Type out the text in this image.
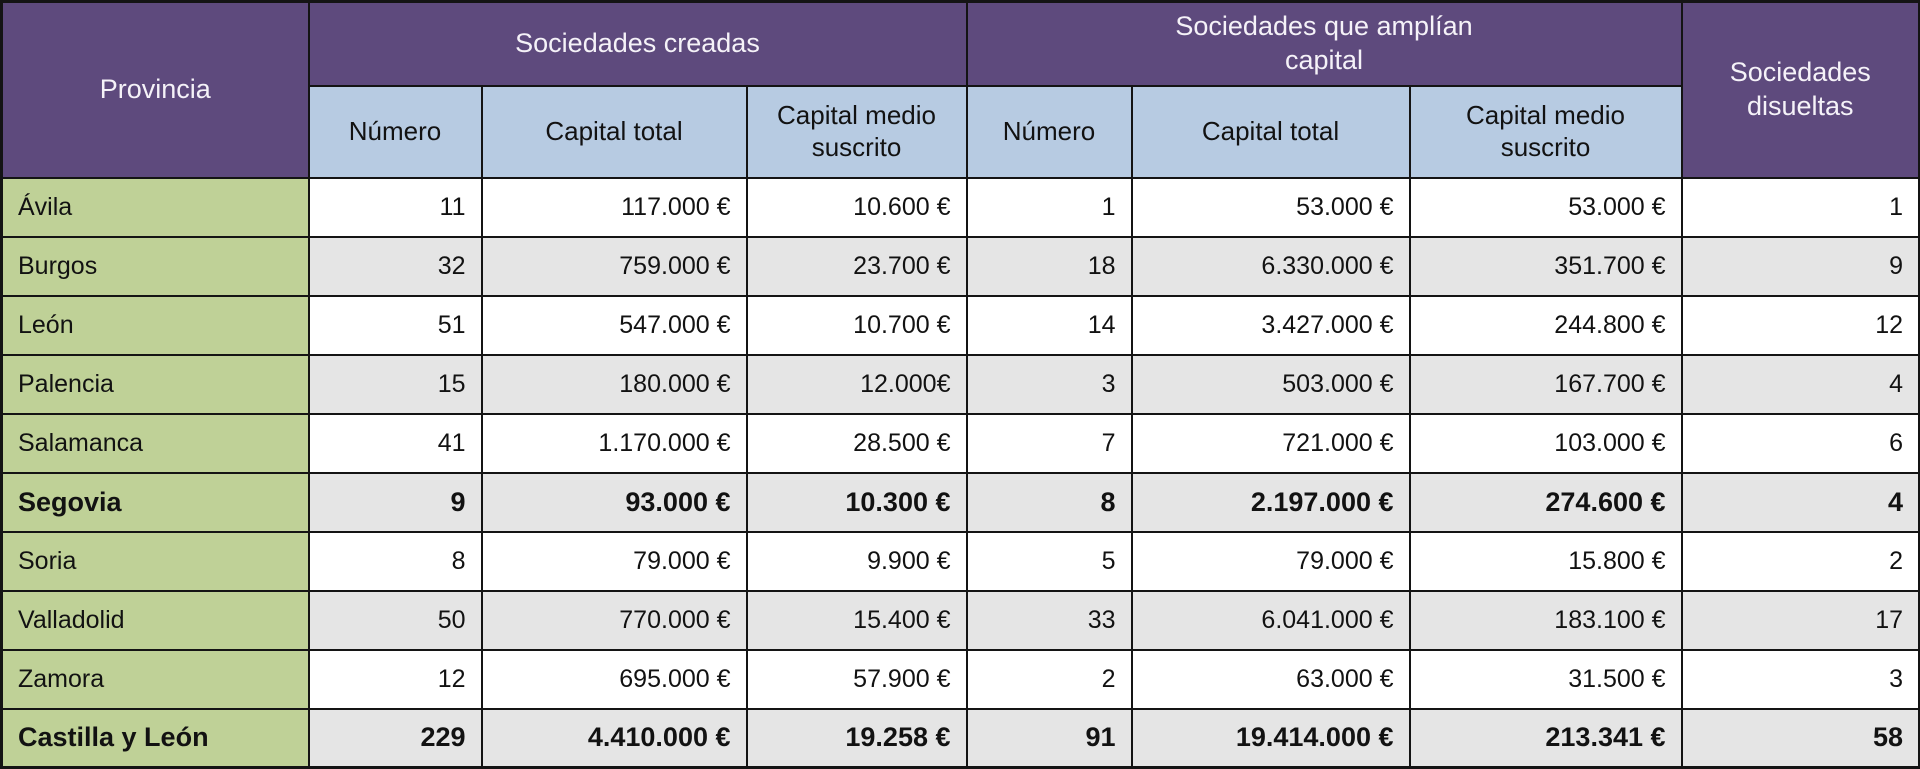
Provincia	Sociedades creadas			Sociedades que amplían capital			Sociedades disueltas
	Número	Capital total	Capital medio suscrito	Número	Capital total	Capital medio suscrito	
Ávila	11	117.000 €	10.600 €	1	53.000 €	53.000 €	1
Burgos	32	759.000 €	23.700 €	18	6.330.000 €	351.700 €	9
León	51	547.000 €	10.700 €	14	3.427.000 €	244.800 €	12
Palencia	15	180.000 €	12.000€	3	503.000 €	167.700 €	4
Salamanca	41	1.170.000 €	28.500 €	7	721.000 €	103.000 €	6
Segovia	9	93.000 €	10.300 €	8	2.197.000 €	274.600 €	4
Soria	8	79.000 €	9.900 €	5	79.000 €	15.800 €	2
Valladolid	50	770.000 €	15.400 €	33	6.041.000 €	183.100 €	17
Zamora	12	695.000 €	57.900 €	2	63.000 €	31.500 €	3
Castilla y León	229	4.410.000 €	19.258 €	91	19.414.000 €	213.341 €	58
